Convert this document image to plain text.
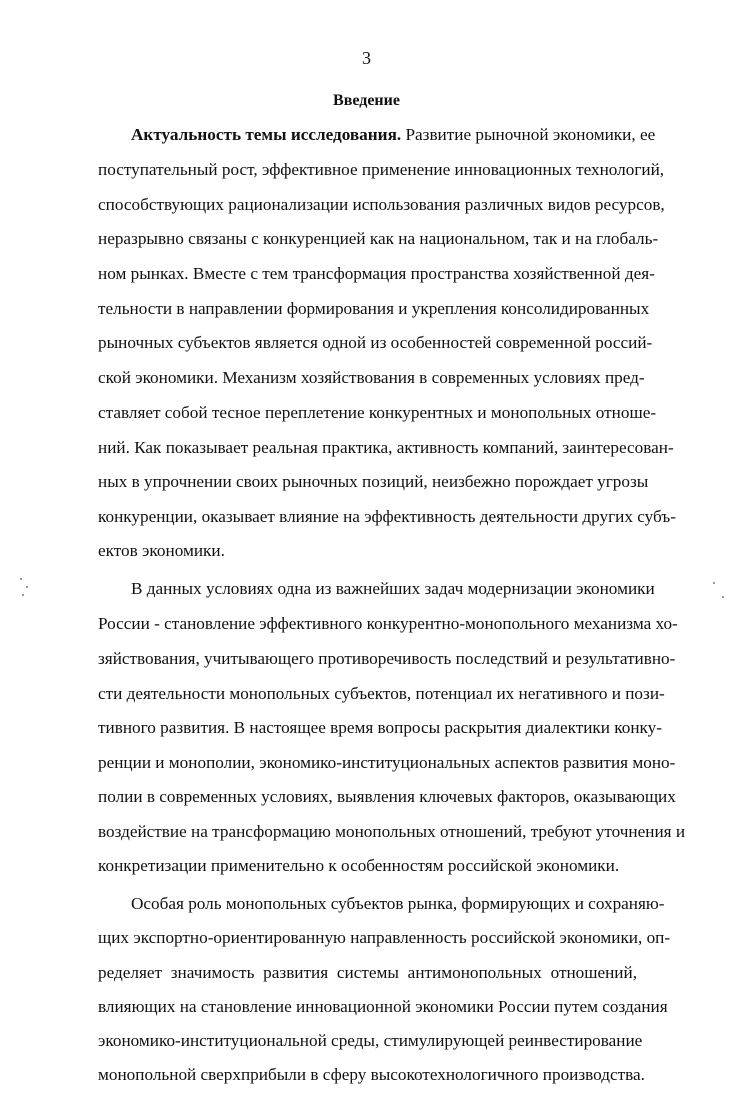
3
Введение
Актуальность темы исследования. Развитие рыночной экономики, ее
поступательный рост, эффективное применение инновационных технологий,
способствующих рационализации использования различных видов ресурсов,
неразрывно связаны с конкуренцией как на национальном, так и на глобаль-
ном рынках. Вместе с тем трансформация пространства хозяйственной дея-
тельности в направлении формирования и укрепления консолидированных
рыночных субъектов является одной из особенностей современной россий-
ской экономики. Механизм хозяйствования в современных условиях пред-
ставляет собой тесное переплетение конкурентных и монопольных отноше-
ний. Как показывает реальная практика, активность компаний, заинтересован-
ных в упрочнении своих рыночных позиций, неизбежно порождает угрозы
конкуренции, оказывает влияние на эффективность деятельности других субъ-
ектов экономики.
В данных условиях одна из важнейших задач модернизации экономики
России - становление эффективного конкурентно-монопольного механизма хо-
зяйствования, учитывающего противоречивость последствий и результативно-
сти деятельности монопольных субъектов, потенциал их негативного и пози-
тивного развития. В настоящее время вопросы раскрытия диалектики конку-
ренции и монополии, экономико-институциональных аспектов развития моно-
полии в современных условиях, выявления ключевых факторов, оказывающих
воздействие на трансформацию монопольных отношений, требуют уточнения и
конкретизации применительно к особенностям российской экономики.
Особая роль монопольных субъектов рынка, формирующих и сохраняю-
щих экспортно-ориентированную направленность российской экономики, оп-
ределяет значимость развития системы антимонопольных отношений,
влияющих на становление инновационной экономики России путем создания
экономико-институциональной среды, стимулирующей реинвестирование
монопольной сверхприбыли в сферу высокотехнологичного производства.
